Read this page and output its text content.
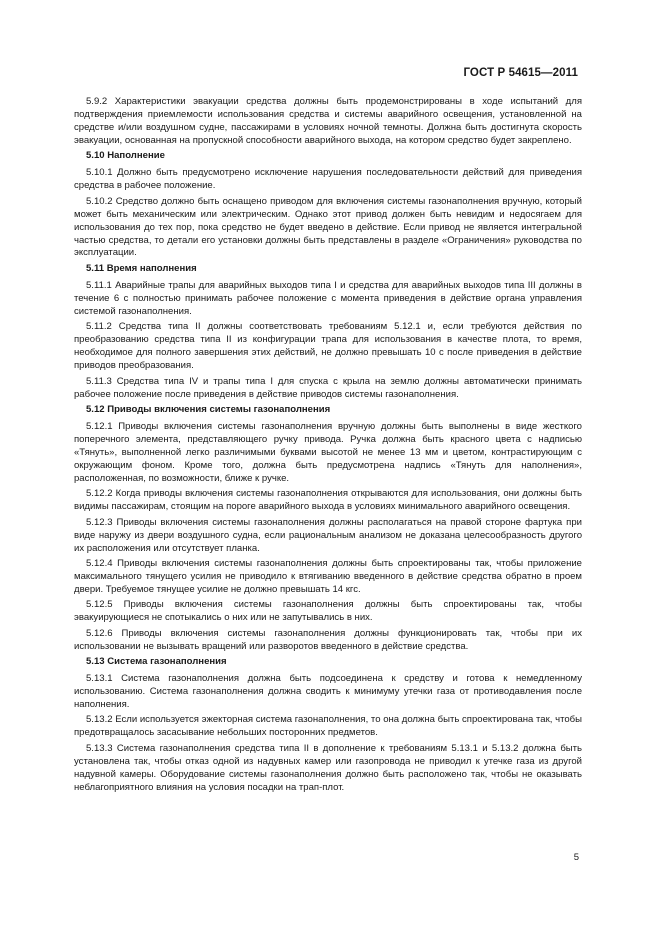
ГОСТ Р 54615—2011

5.9.2 Характеристики эвакуации средства должны быть продемонстрированы в ходе испытаний для подтверждения приемлемости использования средства и системы аварийного освещения, установленной на средстве и/или воздушном судне, пассажирами в условиях ночной темноты. Должна быть достигнута скорость эвакуации, основанная на пропускной способности аварийного выхода, на котором средство будет закреплено.

5.10 Наполнение

5.10.1 Должно быть предусмотрено исключение нарушения последовательности действий для приведения средства в рабочее положение.

5.10.2 Средство должно быть оснащено приводом для включения системы газонаполнения вручную, который может быть механическим или электрическим. Однако этот привод должен быть невидим и недосягаем для использования до тех пор, пока средство не будет введено в действие. Если привод не является интегральной частью средства, то детали его установки должны быть представлены в разделе «Ограничения» руководства по эксплуатации.

5.11 Время наполнения

5.11.1 Аварийные трапы для аварийных выходов типа I и средства для аварийных выходов типа III должны в течение 6 с полностью принимать рабочее положение с момента приведения в действие органа управления системой газонаполнения.

5.11.2 Средства типа II должны соответствовать требованиям 5.12.1 и, если требуются действия по преобразованию средства типа II из конфигурации трапа для использования в качестве плота, то время, необходимое для полного завершения этих действий, не должно превышать 10 с после приведения в действие приводов преобразования.

5.11.3 Средства типа IV и трапы типа I для спуска с крыла на землю должны автоматически принимать рабочее положение после приведения в действие приводов системы газонаполнения.

5.12 Приводы включения системы газонаполнения

5.12.1 Приводы включения системы газонаполнения вручную должны быть выполнены в виде жесткого поперечного элемента, представляющего ручку привода. Ручка должна быть красного цвета с надписью «Тянуть», выполненной легко различимыми буквами высотой не менее 13 мм и цветом, контрастирующим с окружающим фоном. Кроме того, должна быть предусмотрена надпись «Тянуть для наполнения», расположенная, по возможности, ближе к ручке.

5.12.2 Когда приводы включения системы газонаполнения открываются для использования, они должны быть видимы пассажирам, стоящим на пороге аварийного выхода в условиях минимального аварийного освещения.

5.12.3 Приводы включения системы газонаполнения должны располагаться на правой стороне фартука при виде наружу из двери воздушного судна, если рациональным анализом не доказана целесообразность другого их расположения или отсутствует планка.

5.12.4 Приводы включения системы газонаполнения должны быть спроектированы так, чтобы приложение максимального тянущего усилия не приводило к втягиванию введенного в действие средства обратно в проем двери. Требуемое тянущее усилие не должно превышать 14 кгс.

5.12.5 Приводы включения системы газонаполнения должны быть спроектированы так, чтобы эвакуирующиеся не спотыкались о них или не запутывались в них.

5.12.6 Приводы включения системы газонаполнения должны функционировать так, чтобы при их использовании не вызывать вращений или разворотов введенного в действие средства.

5.13 Система газонаполнения

5.13.1 Система газонаполнения должна быть подсоединена к средству и готова к немедленному использованию. Система газонаполнения должна сводить к минимуму утечки газа от противодавления после наполнения.

5.13.2 Если используется эжекторная система газонаполнения, то она должна быть спроектирована так, чтобы предотвращалось засасывание небольших посторонних предметов.

5.13.3 Система газонаполнения средства типа II в дополнение к требованиям 5.13.1 и 5.13.2 должна быть установлена так, чтобы отказ одной из надувных камер или газопровода не приводил к утечке газа из другой надувной камеры. Оборудование системы газонаполнения должно быть расположено так, чтобы не оказывать неблагоприятного влияния на условия посадки на трап-плот.

5
